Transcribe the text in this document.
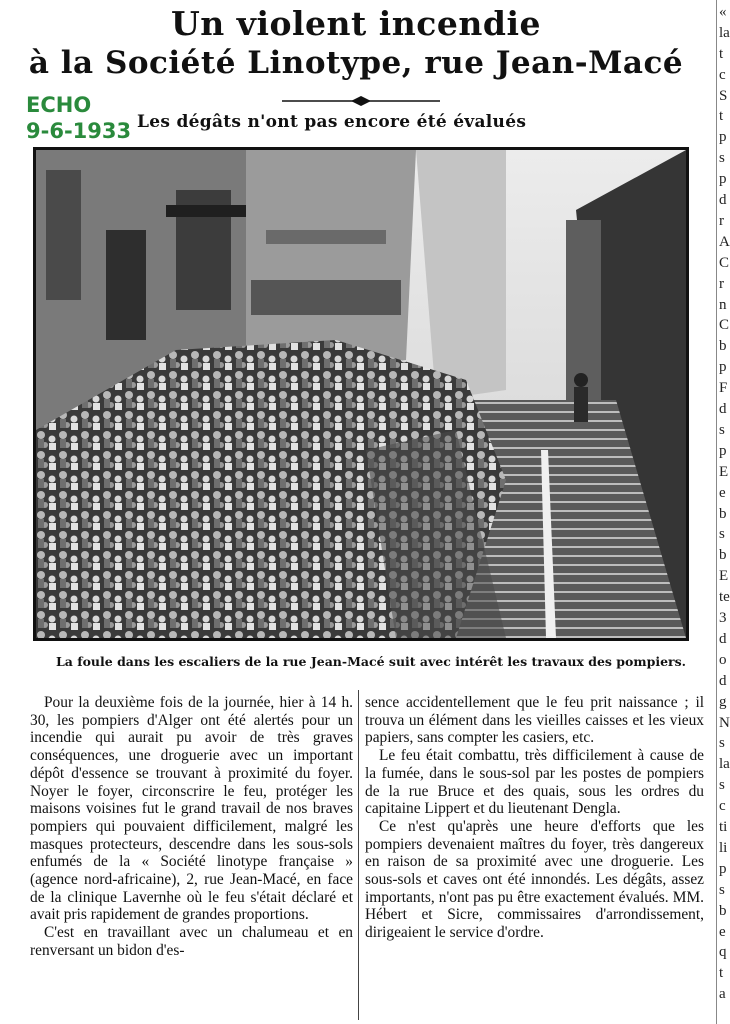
Un violent incendie
à la Société Linotype, rue Jean-Macé
ECHO
9-6-1933 Les dégâts n'ont pas encore été évalués

La foule dans les escaliers de la rue Jean-Macé suit avec intérêt les travaux des pompiers.

Pour la deuxième fois de la journée, hier à 14 h. 30, les pompiers d'Alger ont été alertés pour un incendie qui aurait pu avoir de très graves conséquences, une droguerie avec un important dépôt d'essence se trouvant à proximité du foyer. Noyer le foyer, circonscrire le feu, protéger les maisons voisines fut le grand travail de nos braves pompiers qui pouvaient difficilement, malgré les masques protecteurs, descendre dans les sous-sols enfumés de la « Société linotype française » (agence nord-africaine), 2, rue Jean-Macé, en face de la clinique Lavernhe où le feu s'était déclaré et avait pris rapidement de grandes proportions.

C'est en travaillant avec un chalumeau et en renversant un bidon d'es-

sence accidentellement que le feu prit naissance ; il trouva un élément dans les vieilles caisses et les vieux papiers, sans compter les casiers, etc.

Le feu était combattu, très difficilement à cause de la fumée, dans le sous-sol par les postes de pompiers de la rue Bruce et des quais, sous les ordres du capitaine Lippert et du lieutenant Dengla.

Ce n'est qu'après une heure d'efforts que les pompiers devenaient maîtres du foyer, très dangereux en raison de sa proximité avec une droguerie. Les sous-sols et caves ont été innondés. Les dégâts, assez importants, n'ont pas pu être exactement évalués. MM. Hébert et Sicre, commissaires d'arrondissement, dirigeaient le service d'ordre.

«
la
t
c
S
t
p
s
p
d
r
A
C
r
n
C
b
p
F
d
s
p
E
e
b
s
b
E
te
3
d
o
d
g
N
s
la
s
c
ti
li
p
s
b
e
q
t
a
